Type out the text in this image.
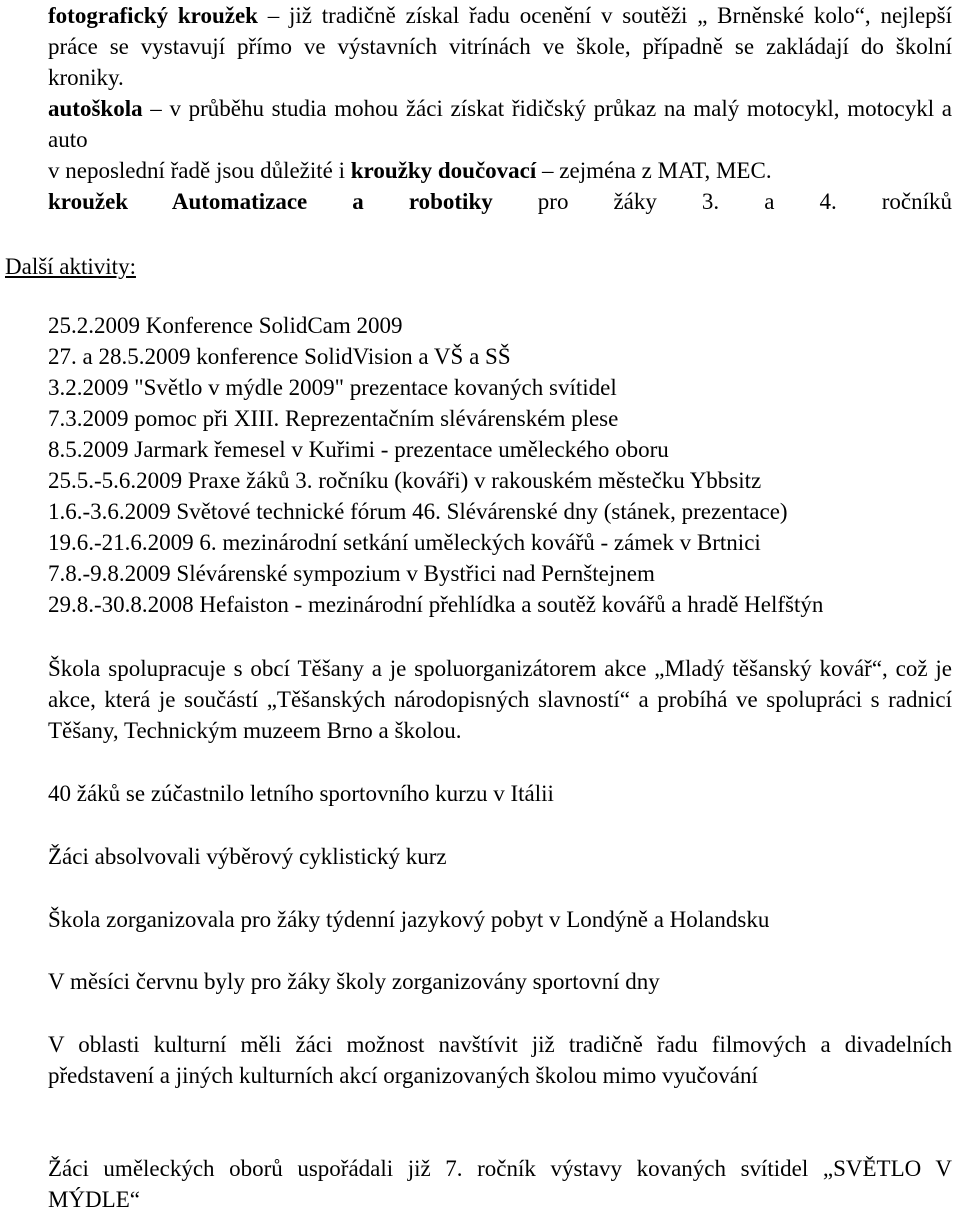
fotografický kroužek – již tradičně získal řadu ocenění v soutěži „ Brněnské kolo“, nejlepší práce se vystavují přímo ve výstavních vitrínách ve škole, případně se zakládají do školní kroniky.

autoškola – v průběhu studia mohou žáci získat řidičský průkaz na malý motocykl, motocykl a auto

v neposlední řadě jsou důležité i kroužky doučovací – zejména z MAT, MEC.

kroužek Automatizace a robotiky pro žáky 3. a 4. ročníků

Další aktivity:
25.2.2009 Konference SolidCam 2009
27. a 28.5.2009 konference SolidVision a VŠ a SŠ
3.2.2009 "Světlo v mýdle 2009" prezentace kovaných svítidel
7.3.2009 pomoc při XIII. Reprezentačním slévárenském plese
8.5.2009 Jarmark řemesel v Kuřimi - prezentace uměleckého oboru
25.5.-5.6.2009 Praxe žáků 3. ročníku (kováři) v rakouském městečku Ybbsitz
1.6.-3.6.2009 Světové technické fórum 46. Slévárenské dny (stánek, prezentace)
19.6.-21.6.2009 6. mezinárodní setkání uměleckých kovářů - zámek v Brtnici
7.8.-9.8.2009 Slévárenské sympozium v Bystřici nad Pernštejnem
29.8.-30.8.2008 Hefaiston - mezinárodní přehlídka a soutěž kovářů a hradě Helfštýn

Škola spolupracuje s obcí Těšany a je spoluorganizátorem akce „Mladý těšanský kovář“, což je akce, která je součástí „Těšanských národopisných slavností“ a probíhá ve spolupráci s radnicí Těšany, Technickým muzeem Brno a školou.

40 žáků se zúčastnilo letního sportovního kurzu v Itálii

Žáci absolvovali výběrový cyklistický kurz

Škola zorganizovala pro žáky týdenní jazykový pobyt v Londýně a Holandsku

V měsíci červnu byly pro žáky školy zorganizovány sportovní dny

V oblasti kulturní měli žáci možnost navštívit již tradičně řadu filmových a divadelních představení a jiných kulturních akcí organizovaných školou mimo vyučování

Žáci uměleckých oborů uspořádali již 7. ročník výstavy kovaných svítidel „SVĚTLO V MÝDLE“
